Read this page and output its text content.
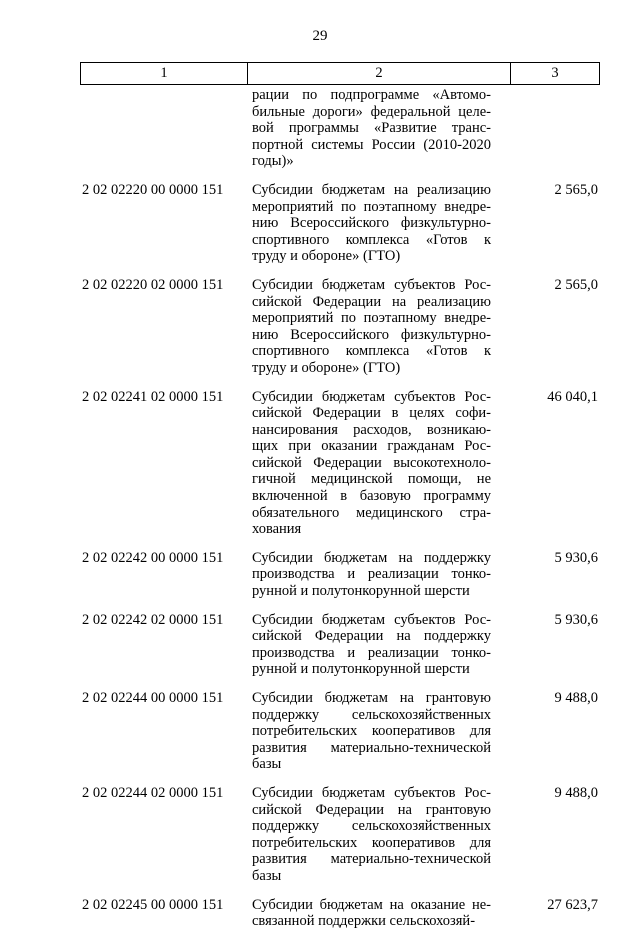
29
1	2	3
рации по подпрограмме «Автомо-
бильные дороги» федеральной целе-
вой программы «Развитие транс-
портной системы России (2010-2020
годы)»
2 02 02220 00 0000 151	Субсидии бюджетам на реализацию
мероприятий по поэтапному внедре-
нию Всероссийского физкультурно-
спортивного комплекса «Готов к
труду и обороне» (ГТО)
2 565,0
2 02 02220 02 0000 151	Субсидии бюджетам субъектов Рос-
сийской Федерации на реализацию
мероприятий по поэтапному внедре-
нию Всероссийского физкультурно-
спортивного комплекса «Готов к
труду и обороне» (ГТО)
2 565,0
2 02 02241 02 0000 151	Субсидии бюджетам субъектов Рос-
сийской Федерации в целях софи-
нансирования расходов, возникаю-
щих при оказании гражданам Рос-
сийской Федерации высокотехноло-
гичной медицинской помощи, не
включенной в базовую программу
обязательного медицинского стра-
хования
46 040,1
2 02 02242 00 0000 151	Субсидии бюджетам на поддержку
производства и реализации тонко-
рунной и полутонкорунной шерсти
5 930,6
2 02 02242 02 0000 151	Субсидии бюджетам субъектов Рос-
сийской Федерации на поддержку
производства и реализации тонко-
рунной и полутонкорунной шерсти
5 930,6
2 02 02244 00 0000 151	Субсидии бюджетам на грантовую
поддержку сельскохозяйственных
потребительских кооперативов для
развития материально-технической
базы
9 488,0
2 02 02244 02 0000 151	Субсидии бюджетам субъектов Рос-
сийской Федерации на грантовую
поддержку сельскохозяйственных
потребительских кооперативов для
развития материально-технической
базы
9 488,0
2 02 02245 00 0000 151	Субсидии бюджетам на оказание не-
связанной поддержки сельскохозяй-
27 623,7
